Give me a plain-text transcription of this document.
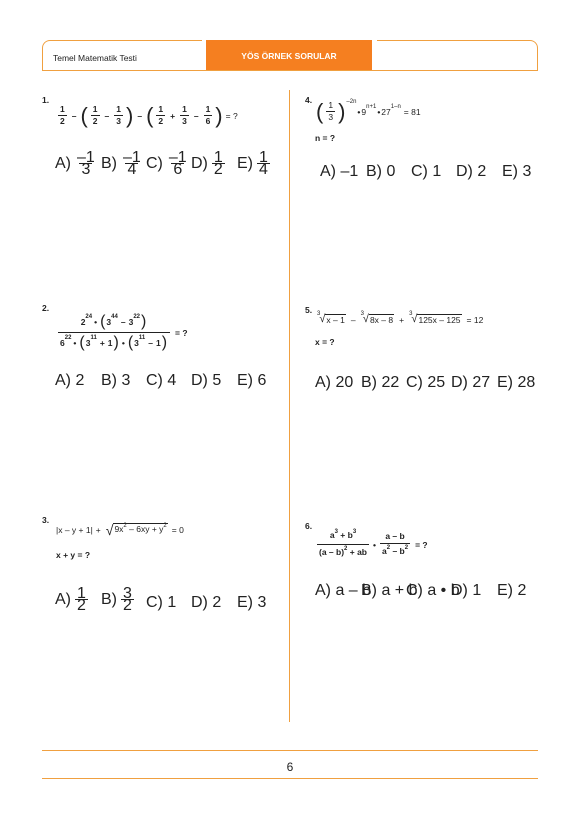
Temel Matematik Testi	YÖS ÖRNEK SORULAR
1.
$\frac{1}{2}$ – ( $\frac{1}{2} - \frac{1}{3}$ ) – ( $\frac{1}{2} + \frac{1}{3} - \frac{1}{6}$ ) = ?
$A) \frac{-1}{3} B) \frac{-1}{4} C) \frac{-1}{6} D) \frac{1}{2} E) \frac{1}{4}$
2.
$\frac{2 24 • ( 3 44 - 3 22 )}{6 22 • ( 3 11 + 1 ) • ( 3 11 - 1 )}$ = ?
A) 2 B) 3 C) 4 D) 5 E) 6
3.
|x – y + 1| + √ $9x^2 - 6xy + y^2 = 0$
x + y = ?
$A) \frac{1}{2} B) \frac{3}{2} C$) 1 D) 2 E) 3
4. ( $\frac{1}{3}$ ) –2n
• 9 n+1 • 27 1–n = 81
n = ?
A) –1 B) 0 C) 1 D) 2 E) 3
5. 3 √ x – 1 –
3 √ 8x – 8 +
3 √ 125x – 125 = 12
x = ?
A) 20 B) 22 C) 25 D) 27 E) 28
6.
$\frac{a^3 + b^3}{(a - b)^2 + ab}$ • $\frac{a - b}{a^2 - b^2}$ = ?
A) a – b
B) a + b
C) a • b
D) 1 E) 2
6
